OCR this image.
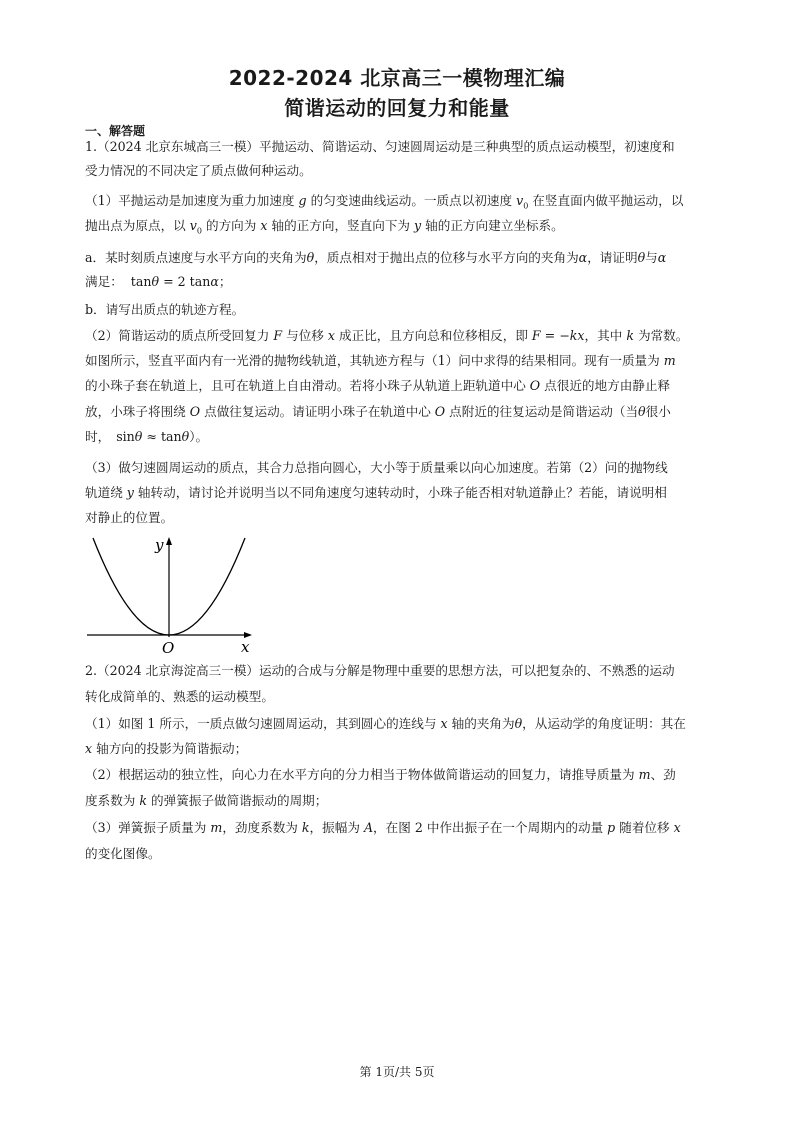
2022-2024 北京高三一模物理汇编
简谐运动的回复力和能量
一、解答题
1.（2024 北京东城高三一模）平抛运动、简谐运动、匀速圆周运动是三种典型的质点运动模型，初速度和
受力情况的不同决定了质点做何种运动。
（1）平抛运动是加速度为重力加速度 g 的匀变速曲线运动。一质点以初速度 $v_0$ 在竖直面内做平抛运动，以
抛出点为原点，以 $v_0$ 的方向为 x 轴的正方向，竖直向下为 y 轴的正方向建立坐标系。
a．某时刻质点速度与水平方向的夹角为θ，质点相对于抛出点的位移与水平方向的夹角为α，请证明θ与α
满足： tanθ = 2 tanα；
b．请写出质点的轨迹方程。
（2）简谐运动的质点所受回复力 F 与位移 x 成正比，且方向总和位移相反，即 F = −kx，其中 k 为常数。
如图所示，竖直平面内有一光滑的抛物线轨道，其轨迹方程与（1）问中求得的结果相同。现有一质量为 m
的小珠子套在轨道上，且可在轨道上自由滑动。若将小珠子从轨道上距轨道中心 O 点很近的地方由静止释
放，小珠子将围绕 O 点做往复运动。请证明小珠子在轨道中心 O 点附近的往复运动是简谐运动（当θ很小
时， sinθ ≈ tanθ）。
（3）做匀速圆周运动的质点，其合力总指向圆心，大小等于质量乘以向心加速度。若第（2）问的抛物线
轨道绕 y 轴转动，请讨论并说明当以不同角速度匀速转动时，小珠子能否相对轨道静止？若能，请说明相
对静止的位置。
y
x
O
2.（2024 北京海淀高三一模）运动的合成与分解是物理中重要的思想方法，可以把复杂的、不熟悉的运动
转化成简单的、熟悉的运动模型。
（1）如图 1 所示，一质点做匀速圆周运动，其到圆心的连线与 x 轴的夹角为θ，从运动学的角度证明：其在
x 轴方向的投影为简谐振动；
（2）根据运动的独立性，向心力在水平方向的分力相当于物体做简谐运动的回复力，请推导质量为 m、劲
度系数为 k 的弹簧振子做简谐振动的周期；
（3）弹簧振子质量为 m，劲度系数为 k，振幅为 A，在图 2 中作出振子在一个周期内的动量 p 随着位移 x
的变化图像。
第 1页/共 5页
